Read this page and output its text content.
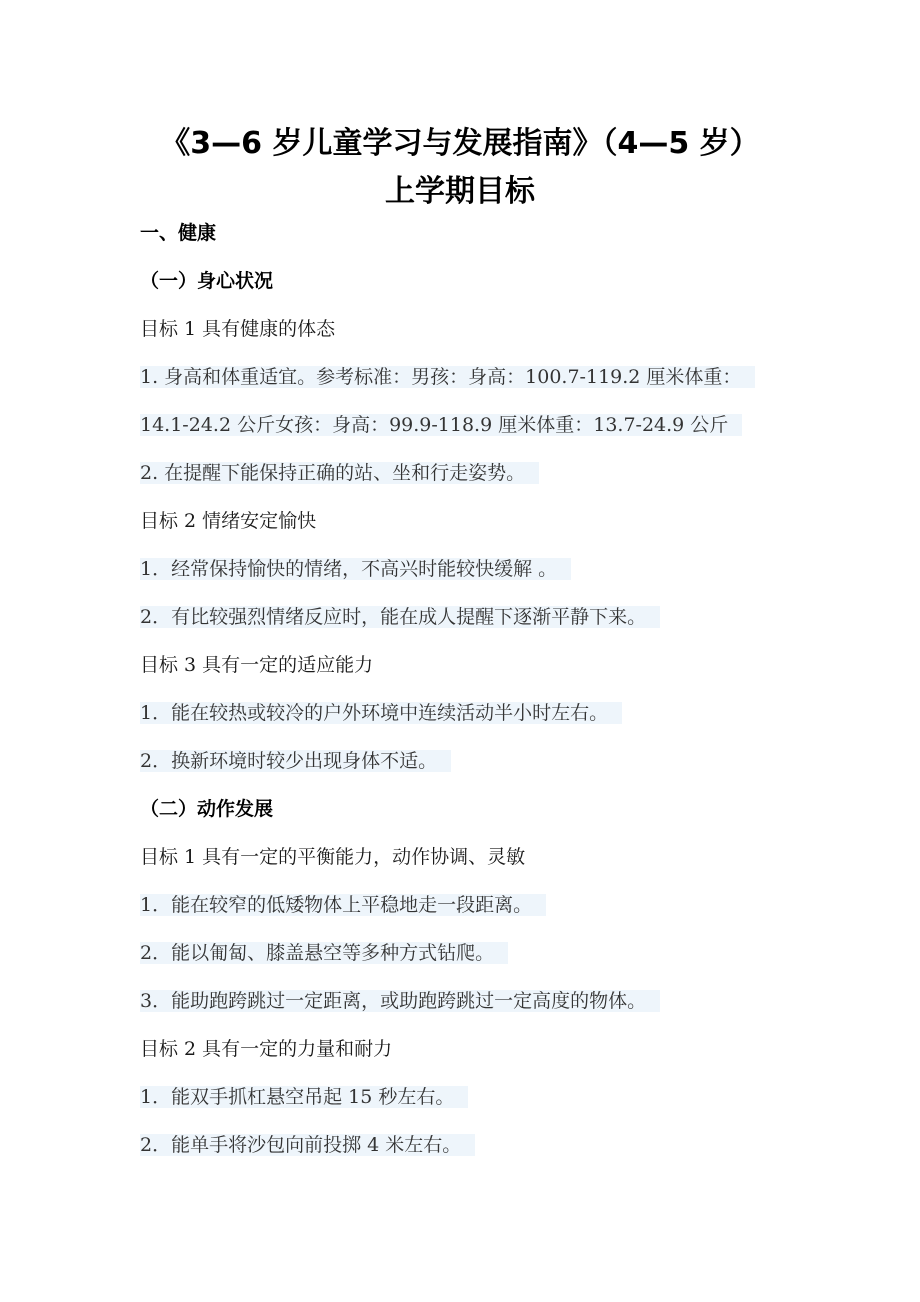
《3—6 岁儿童学习与发展指南》（4—5 岁）
上学期目标
一、健康
（一）身心状况
目标 1 具有健康的体态
1. 身高和体重适宜。参考标准：男孩：身高：100.7-119.2 厘米体重：
14.1-24.2 公斤女孩：身高：99.9-118.9 厘米体重：13.7-24.9 公斤
2. 在提醒下能保持正确的站、坐和行走姿势。
目标 2 情绪安定愉快
1．经常保持愉快的情绪，不高兴时能较快缓解 。
2．有比较强烈情绪反应时，能在成人提醒下逐渐平静下来。
目标 3 具有一定的适应能力
1．能在较热或较冷的户外环境中连续活动半小时左右。
2．换新环境时较少出现身体不适。
（二）动作发展
目标 1 具有一定的平衡能力，动作协调、灵敏
1．能在较窄的低矮物体上平稳地走一段距离。
2．能以匍匐、膝盖悬空等多种方式钻爬。
3．能助跑跨跳过一定距离，或助跑跨跳过一定高度的物体。
目标 2 具有一定的力量和耐力
1．能双手抓杠悬空吊起 15 秒左右。
2．能单手将沙包向前投掷 4 米左右。
